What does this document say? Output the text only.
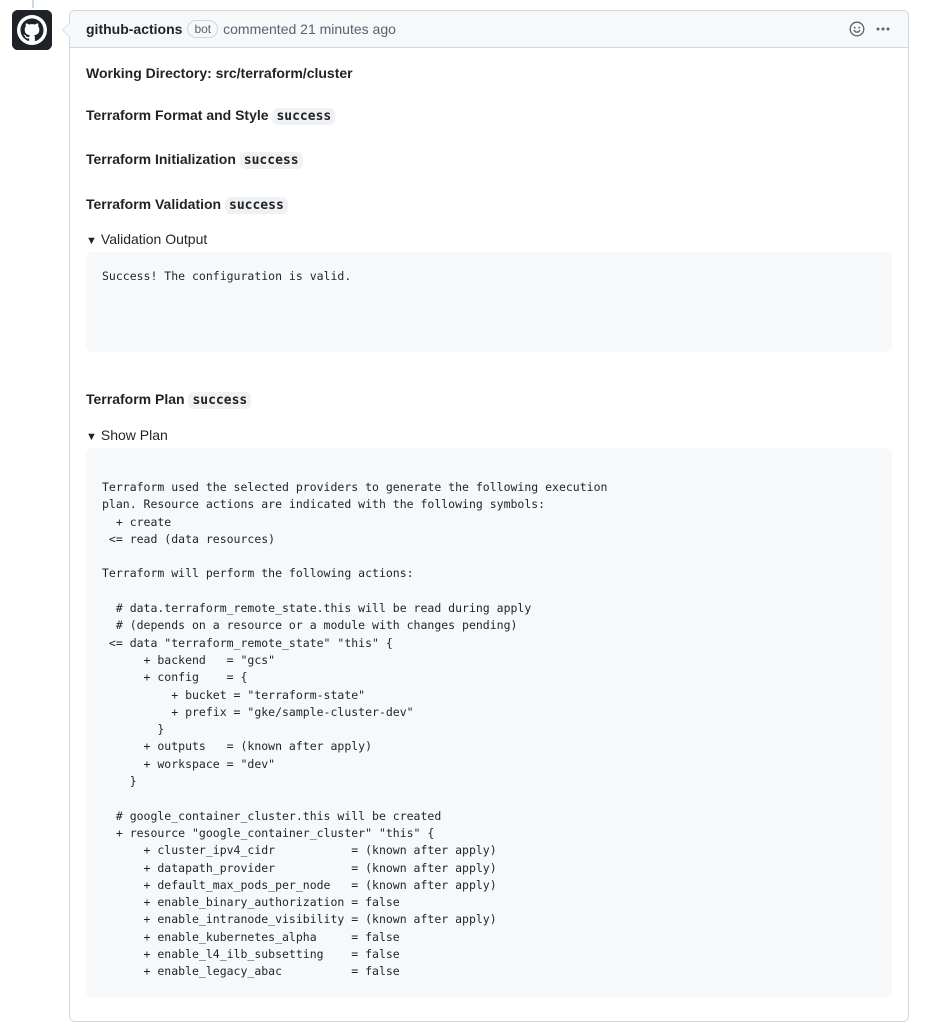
github-actions	bot commented 21 minutes ago
Working Directory: src/terraform/cluster
Terraform Format and Style success
Terraform Initialization success
Terraform Validation success
▼ Validation Output
Success! The configuration is valid.
Terraform Plan success
▼ Show Plan
Terraform used the selected providers to generate the following execution
plan. Resource actions are indicated with the following symbols:
+ create
<= read (data resources)

Terraform will perform the following actions:

# data.terraform_remote_state.this will be read during apply
# (depends on a resource or a module with changes pending)
<= data "terraform_remote_state" "this" {
+ backend   = "gcs"
+ config    = {
+ bucket = "terraform-state"
+ prefix = "gke/sample-cluster-dev"
}
+ outputs   = (known after apply)
+ workspace = "dev"
}

# google_container_cluster.this will be created
+ resource "google_container_cluster" "this" {
+ cluster_ipv4_cidr           = (known after apply)
+ datapath_provider           = (known after apply)
+ default_max_pods_per_node   = (known after apply)
+ enable_binary_authorization = false
+ enable_intranode_visibility = (known after apply)
+ enable_kubernetes_alpha     = false
+ enable_l4_ilb_subsetting    = false
+ enable_legacy_abac          = false
